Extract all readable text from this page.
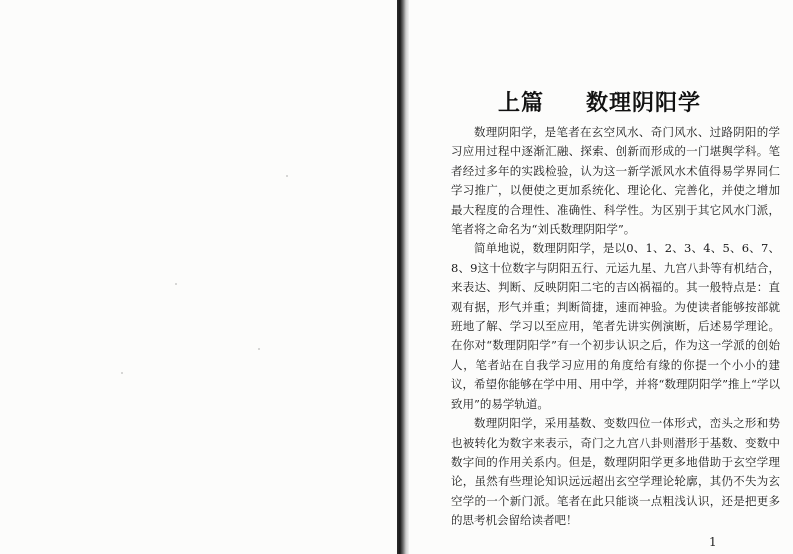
上篇 数理阴阳学

数理阴阳学，是笔者在玄空风水、奇门风水、过路阴阳的学习应用过程中逐渐汇融、探索、创新而形成的一门堪舆学科。笔者经过多年的实践检验，认为这一新学派风水术值得易学界同仁学习推广，以便使之更加系统化、理论化、完善化，并使之增加最大程度的合理性、准确性、科学性。为区别于其它风水门派，笔者将之命名为“刘氏数理阴阳学”。

简单地说，数理阴阳学，是以0、1、2、3、4、5、6、7、8、9这十位数字与阴阳五行、元运九星、九宫八卦等有机结合，来表达、判断、反映阴阳二宅的吉凶祸福的。其一般特点是：直观有据，形气并重；判断简捷，速而神验。为使读者能够按部就班地了解、学习以至应用，笔者先讲实例演断，后述易学理论。在你对“数理阴阳学”有一个初步认识之后，作为这一学派的创始人，笔者站在自我学习应用的角度给有缘的你提一个小小的建议，希望你能够在学中用、用中学，并将“数理阴阳学”推上“学以致用”的易学轨道。

数理阴阳学，采用基数、变数四位一体形式，峦头之形和势也被转化为数字来表示，奇门之九宫八卦则潜形于基数、变数中数字间的作用关系内。但是，数理阴阳学更多地借助于玄空学理论，虽然有些理论知识远远超出玄空学理论轮廓，其仍不失为玄空学的一个新门派。笔者在此只能谈一点粗浅认识，还是把更多的思考机会留给读者吧！

1
